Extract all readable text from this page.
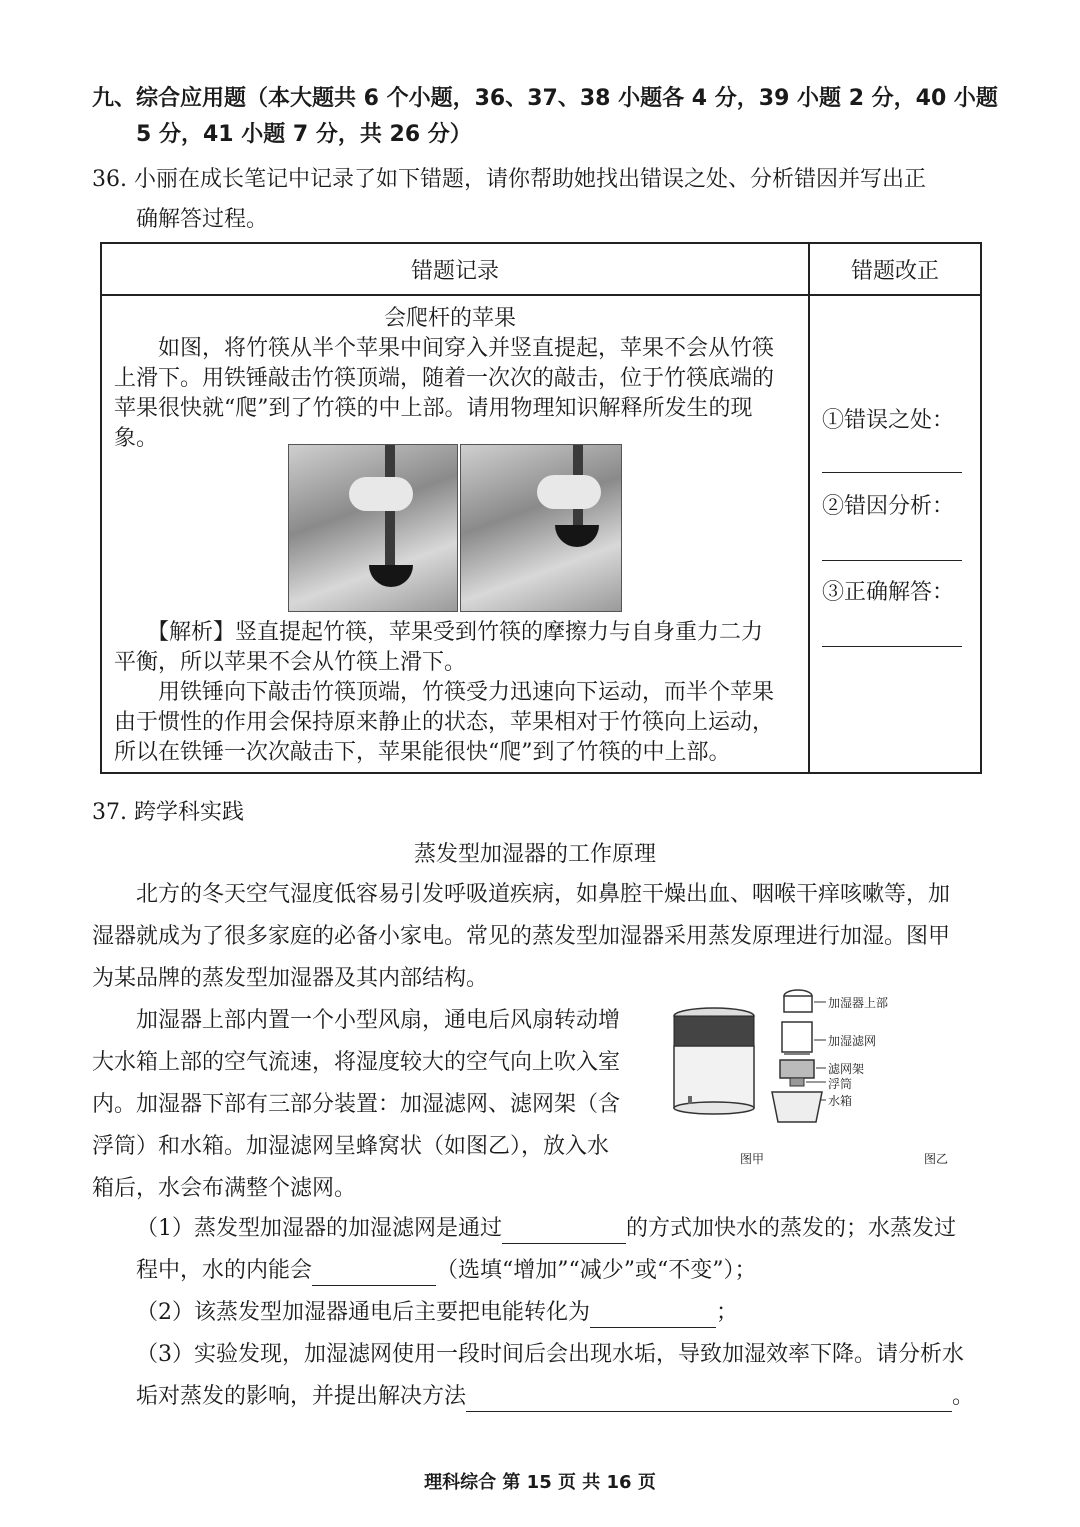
九、综合应用题（本大题共 6 个小题，36、37、38 小题各 4 分，39 小题 2 分，40 小题
5 分，41 小题 7 分，共 26 分）
36. 小丽在成长笔记中记录了如下错题，请你帮助她找出错误之处、分析错因并写出正
确解答过程。
错题记录	错题改正

会爬杆的苹果
　　如图，将竹筷从半个苹果中间穿入并竖直提起，苹果不会从竹筷
上滑下。用铁锤敲击竹筷顶端，随着一次次的敲击，位于竹筷底端的
苹果很快就“爬”到了竹筷的中上部。请用物理知识解释所发生的现
象。
　　【解析】竖直提起竹筷，苹果受到竹筷的摩擦力与自身重力二力
平衡，所以苹果不会从竹筷上滑下。
　　用铁锤向下敲击竹筷顶端，竹筷受力迅速向下运动，而半个苹果
由于惯性的作用会保持原来静止的状态，苹果相对于竹筷向上运动，
所以在铁锤一次次敲击下，苹果能很快“爬”到了竹筷的中上部。
①错误之处：
②错因分析：
③正确解答：
37. 跨学科实践
蒸发型加湿器的工作原理
　　北方的冬天空气湿度低容易引发呼吸道疾病，如鼻腔干燥出血、咽喉干痒咳嗽等，加
湿器就成为了很多家庭的必备小家电。常见的蒸发型加湿器采用蒸发原理进行加湿。图甲
为某品牌的蒸发型加湿器及其内部结构。
　　加湿器上部内置一个小型风扇，通电后风扇转动增
大水箱上部的空气流速，将湿度较大的空气向上吹入室
内。加湿器下部有三部分装置：加湿滤网、滤网架（含
浮筒）和水箱。加湿滤网呈蜂窝状（如图乙），放入水
箱后，水会布满整个滤网。
加湿器上部
加湿滤网
滤网架
浮筒
水箱
图甲	图乙
（1）蒸发型加湿器的加湿滤网是通过	的方式加快水的蒸发的；水蒸发过
程中，水的内能会	（选填“增加”“减少”或“不变”）；
（2）该蒸发型加湿器通电后主要把电能转化为	；
（3）实验发现，加湿滤网使用一段时间后会出现水垢，导致加湿效率下降。请分析水
垢对蒸发的影响，并提出解决方法	。
理科综合 第 15 页 共 16 页
